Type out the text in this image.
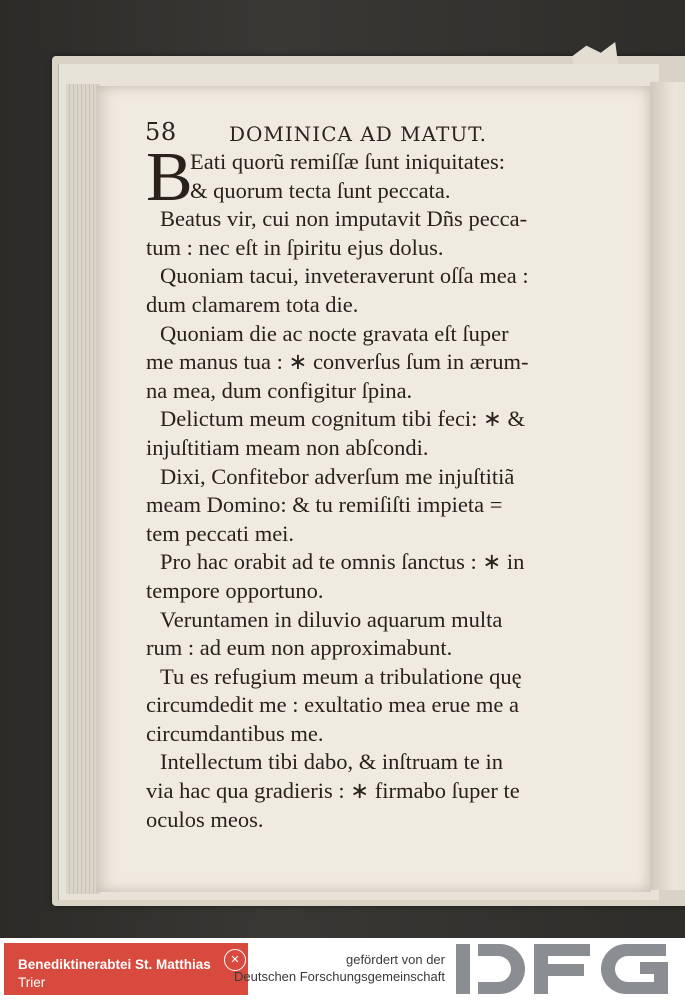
58	DOMINICA AD MATUT.
B
Eati quorũ remiſſæ ſunt iniquitates:
& quorum tecta ſunt peccata.
Beatus vir, cui non imputavit Dñs pecca-
tum : nec eſt in ſpiritu ejus dolus.
Quoniam tacui, inveteraverunt oſſa mea :
dum clamarem tota die.
Quoniam die ac nocte gravata eſt ſuper
me manus tua : ∗ converſus ſum in ærum-
na mea, dum configitur ſpina.
Delictum meum cognitum tibi feci: ∗ &
injuſtitiam meam non abſcondi.
Dixi, Confitebor adverſum me injuſtitiã
meam Domino: & tu remiſiſti impieta =
tem peccati mei.
Pro hac orabit ad te omnis ſanctus : ∗ in
tempore opportuno.
Veruntamen in diluvio aquarum multa
rum : ad eum non approximabunt.
Tu es refugium meum a tribulatione quę
circumdedit me : exultatio mea erue me a
circumdantibus me.
Intellectum tibi dabo, & inſtruam te in
via hac qua gradieris : ∗ firmabo ſuper te
oculos meos.
Benediktinerabtei St. Matthias
Trier
✕	gefördert von der
Deutschen Forschungsgemeinschaft
